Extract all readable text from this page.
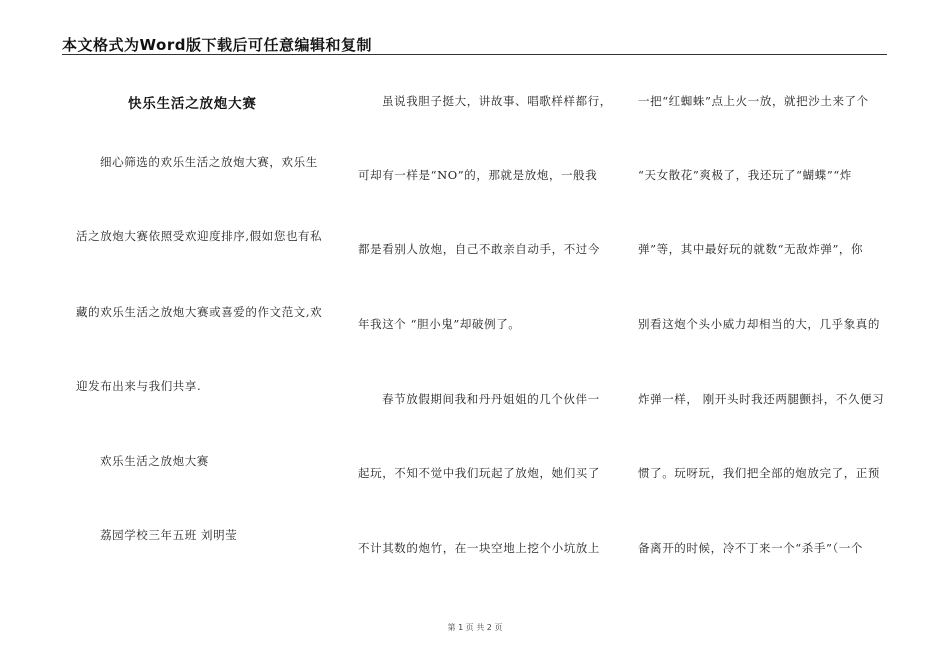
本文格式为Word版下载后可任意编辑和复制
快乐生活之放炮大赛
细心筛选的欢乐生活之放炮大赛，欢乐生
活之放炮大赛依照受欢迎度排序,假如您也有私
藏的欢乐生活之放炮大赛或喜爱的作文范文,欢
迎发布出来与我们共享.
欢乐生活之放炮大赛
荔园学校三年五班 刘明莹
虽说我胆子挺大，讲故事、唱歌样样都行，
可却有一样是“NO”的，那就是放炮，一般我
都是看别人放炮，自己不敢亲自动手，不过今
年我这个 “胆小鬼”却破例了。
春节放假期间我和丹丹姐姐的几个伙伴一
起玩，不知不觉中我们玩起了放炮，她们买了
不计其数的炮竹，在一块空地上挖个小坑放上
一把“红蜘蛛”点上火一放，就把沙土来了个
“天女散花”爽极了，我还玩了“蝴蝶”“炸
弹”等，其中最好玩的就数“无敌炸弹”，你
别看这炮个头小威力却相当的大，几乎象真的
炸弹一样， 刚开头时我还两腿颤抖，不久便习
惯了。玩呀玩，我们把全部的炮放完了，正预
备离开的时候，冷不丁来一个“杀手”（一个
第 1 页 共 2 页
